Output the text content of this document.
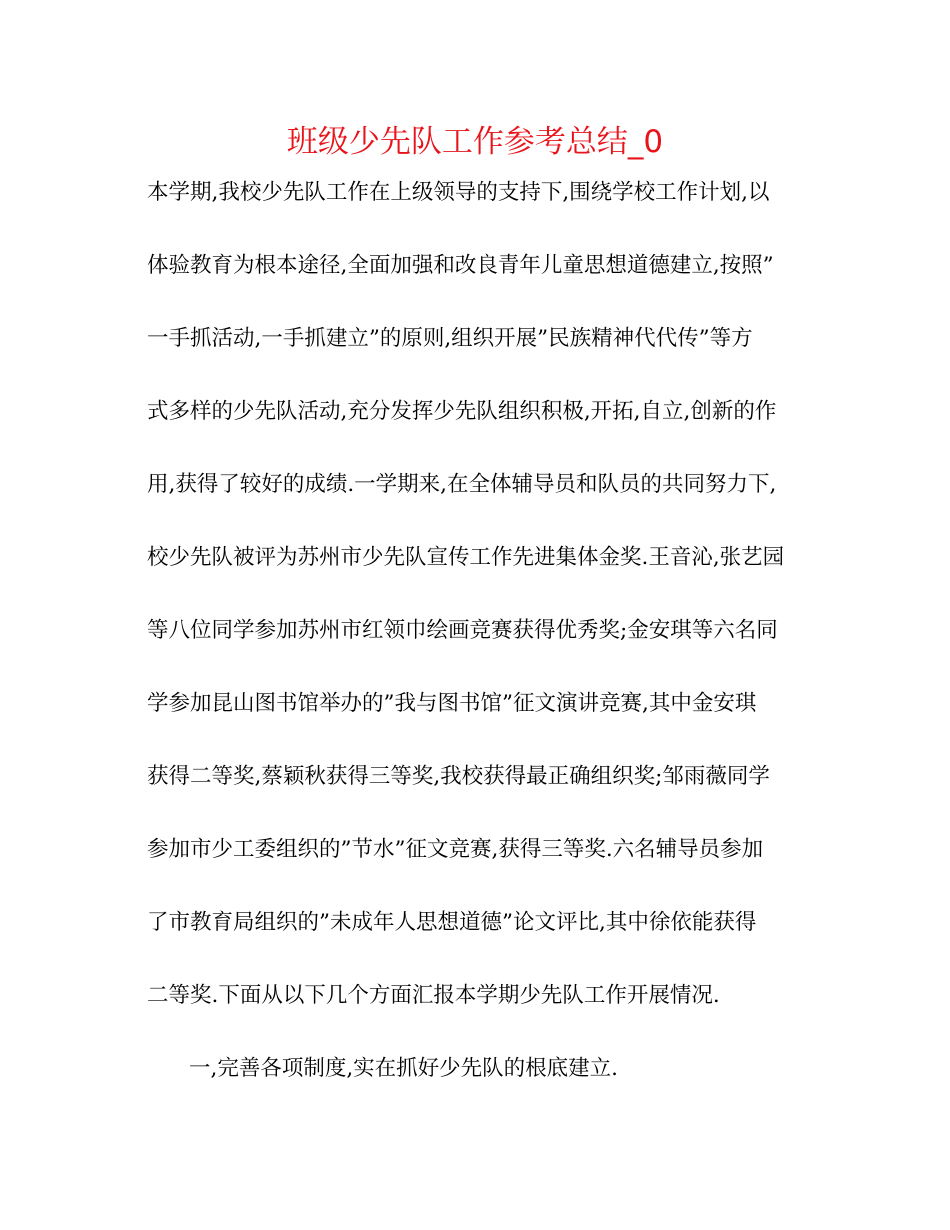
班级少先队工作参考总结_0

本学期,我校少先队工作在上级领导的支持下,围绕学校工作计划,以

体验教育为根本途径,全面加强和改良青年儿童思想道德建立,按照”

一手抓活动,一手抓建立”的原则,组织开展”民族精神代代传”等方

式多样的少先队活动,充分发挥少先队组织积极,开拓,自立,创新的作

用,获得了较好的成绩.一学期来,在全体辅导员和队员的共同努力下,

校少先队被评为苏州市少先队宣传工作先进集体金奖.王音沁,张艺园

等八位同学参加苏州市红领巾绘画竞赛获得优秀奖;金安琪等六名同

学参加昆山图书馆举办的”我与图书馆”征文演讲竞赛,其中金安琪

获得二等奖,蔡颖秋获得三等奖,我校获得最正确组织奖;邹雨薇同学

参加市少工委组织的”节水”征文竞赛,获得三等奖.六名辅导员参加

了市教育局组织的”未成年人思想道德”论文评比,其中徐依能获得

二等奖.下面从以下几个方面汇报本学期少先队工作开展情况.

一,完善各项制度,实在抓好少先队的根底建立.
